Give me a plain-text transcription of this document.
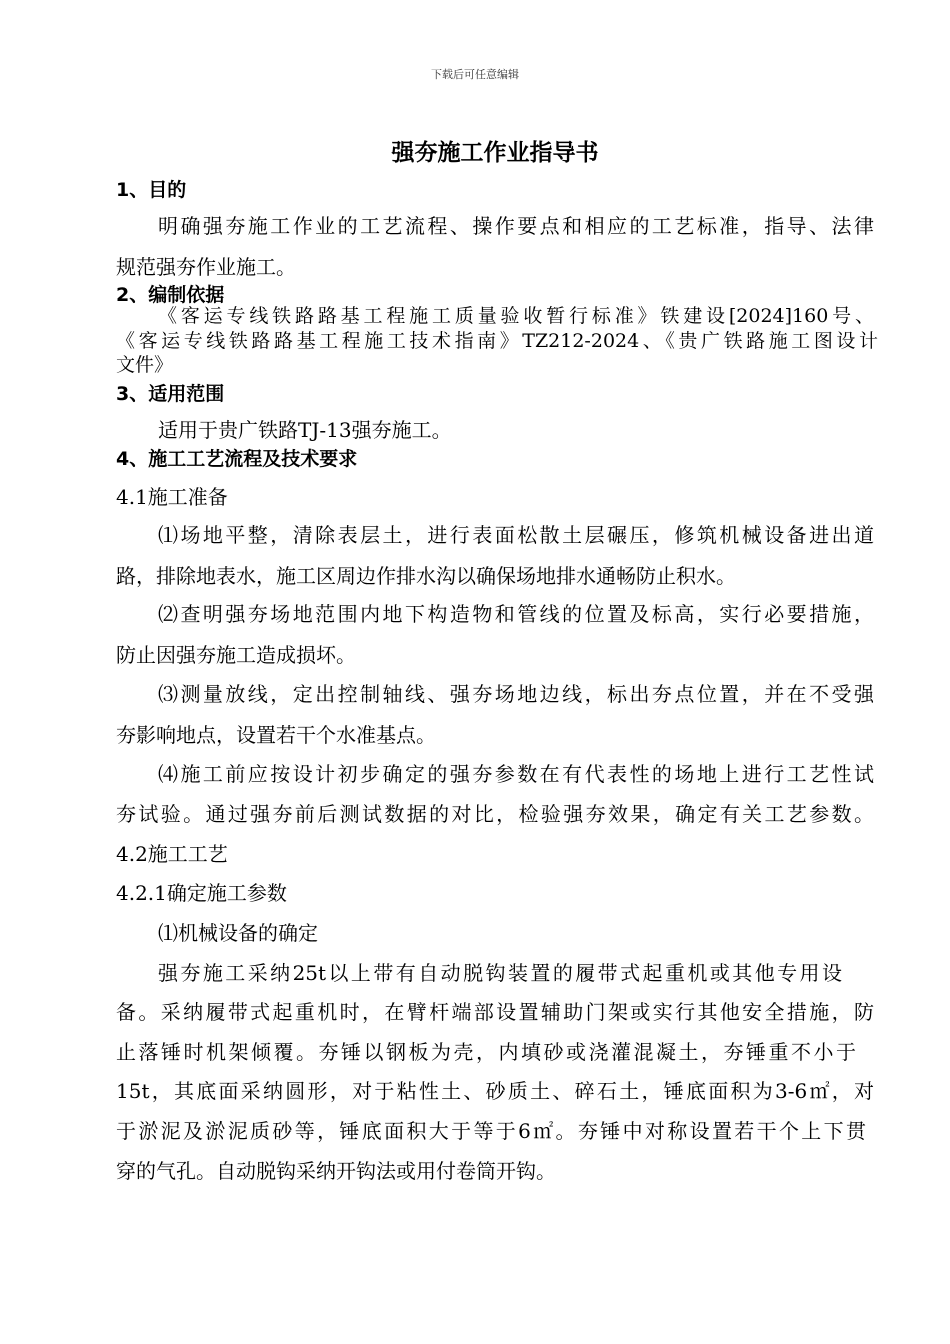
下载后可任意编辑
强夯施工作业指导书
1、目的
明确强夯施工作业的工艺流程、操作要点和相应的工艺标准，指导、法律
规范强夯作业施工。
2、编制依据
《客运专线铁路路基工程施工质量验收暂行标准》铁建设[2024]160号、
《客运专线铁路路基工程施工技术指南》TZ212-2024、《贵广铁路施工图设计
文件》
3、适用范围
适用于贵广铁路TJ-13强夯施工。
4、施工工艺流程及技术要求
4.1施工准备
⑴场地平整，清除表层土，进行表面松散土层碾压，修筑机械设备进出道
路，排除地表水，施工区周边作排水沟以确保场地排水通畅防止积水。
⑵查明强夯场地范围内地下构造物和管线的位置及标高，实行必要措施，
防止因强夯施工造成损坏。
⑶测量放线，定出控制轴线、强夯场地边线，标出夯点位置，并在不受强
夯影响地点，设置若干个水准基点。
⑷施工前应按设计初步确定的强夯参数在有代表性的场地上进行工艺性试
夯试验。通过强夯前后测试数据的对比，检验强夯效果，确定有关工艺参数。
4.2施工工艺
4.2.1确定施工参数
⑴机械设备的确定
强夯施工采纳25t以上带有自动脱钩装置的履带式起重机或其他专用设
备。采纳履带式起重机时，在臂杆端部设置辅助门架或实行其他安全措施，防
止落锤时机架倾覆。夯锤以钢板为壳，内填砂或浇灌混凝土，夯锤重不小于
15t，其底面采纳圆形，对于粘性土、砂质土、碎石土，锤底面积为3-6㎡，对
于淤泥及淤泥质砂等，锤底面积大于等于6㎡。夯锤中对称设置若干个上下贯
穿的气孔。自动脱钩采纳开钩法或用付卷筒开钩。
